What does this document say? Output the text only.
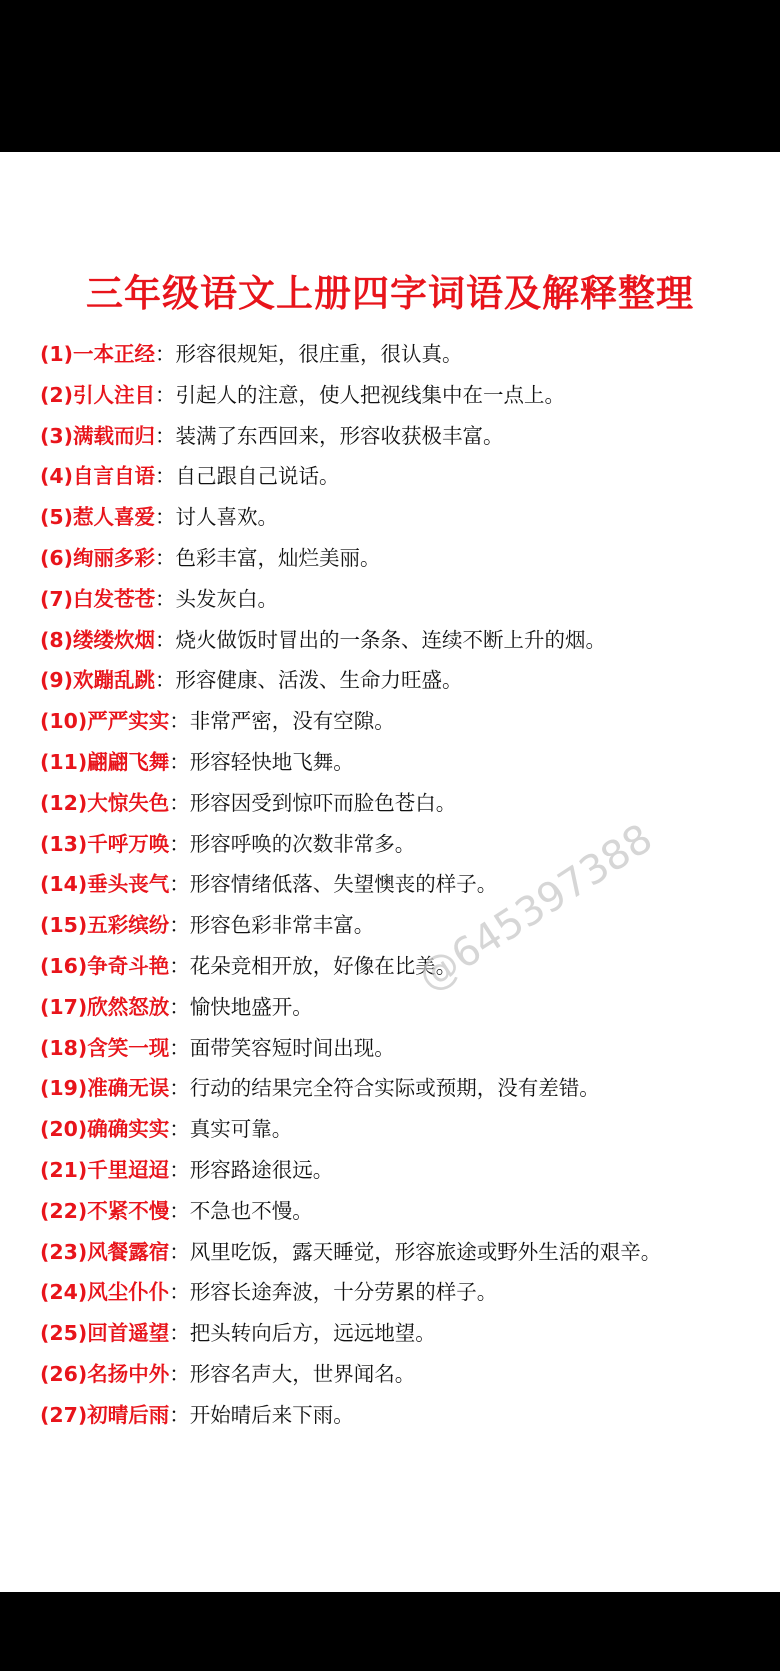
三年级语文上册四字词语及解释整理
(1)一本正经：形容很规矩，很庄重，很认真。
(2)引人注目：引起人的注意，使人把视线集中在一点上。
(3)满载而归：装满了东西回来，形容收获极丰富。
(4)自言自语：自己跟自己说话。
(5)惹人喜爱：讨人喜欢。
(6)绚丽多彩：色彩丰富，灿烂美丽。
(7)白发苍苍：头发灰白。
(8)缕缕炊烟：烧火做饭时冒出的一条条、连续不断上升的烟。
(9)欢蹦乱跳：形容健康、活泼、生命力旺盛。
(10)严严实实：非常严密，没有空隙。
(11)翩翩飞舞：形容轻快地飞舞。
(12)大惊失色：形容因受到惊吓而脸色苍白。
(13)千呼万唤：形容呼唤的次数非常多。
(14)垂头丧气：形容情绪低落、失望懊丧的样子。
(15)五彩缤纷：形容色彩非常丰富。
(16)争奇斗艳：花朵竞相开放，好像在比美。
(17)欣然怒放：愉快地盛开。
(18)含笑一现：面带笑容短时间出现。
(19)准确无误：行动的结果完全符合实际或预期，没有差错。
(20)确确实实：真实可靠。
(21)千里迢迢：形容路途很远。
(22)不紧不慢：不急也不慢。
(23)风餐露宿：风里吃饭，露天睡觉，形容旅途或野外生活的艰辛。
(24)风尘仆仆：形容长途奔波，十分劳累的样子。
(25)回首遥望：把头转向后方，远远地望。
(26)名扬中外：形容名声大，世界闻名。
(27)初晴后雨：开始晴后来下雨。
@645397388
